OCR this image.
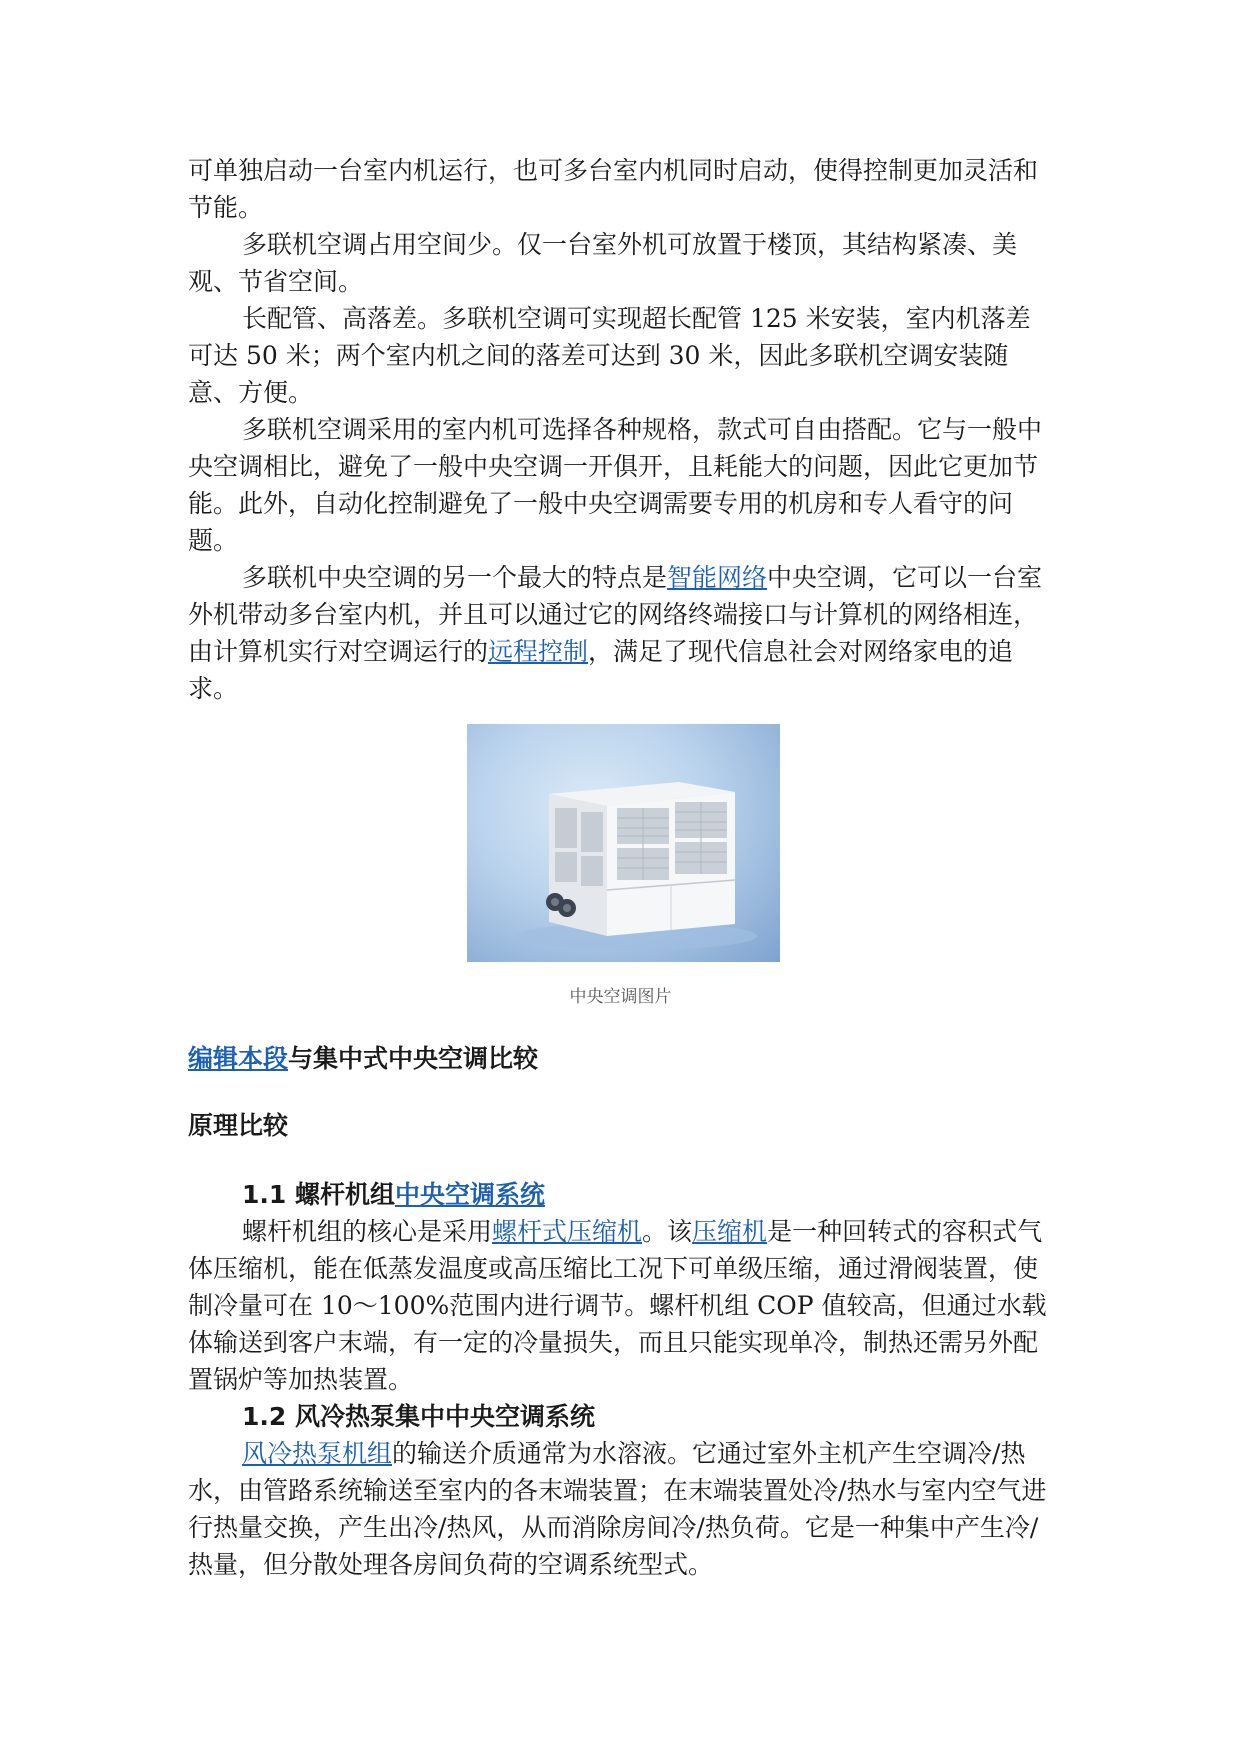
可单独启动一台室内机运行，也可多台室内机同时启动，使得控制更加灵活和节能。

多联机空调占用空间少。仅一台室外机可放置于楼顶，其结构紧凑、美观、节省空间。

长配管、高落差。多联机空调可实现超长配管 125 米安装，室内机落差可达 50 米；两个室内机之间的落差可达到 30 米，因此多联机空调安装随意、方便。

多联机空调采用的室内机可选择各种规格，款式可自由搭配。它与一般中央空调相比，避免了一般中央空调一开俱开，且耗能大的问题，因此它更加节能。此外，自动化控制避免了一般中央空调需要专用的机房和专人看守的问题。

多联机中央空调的另一个最大的特点是智能网络中央空调，它可以一台室外机带动多台室内机，并且可以通过它的网络终端接口与计算机的网络相连，由计算机实行对空调运行的远程控制，满足了现代信息社会对网络家电的追求。

中央空调图片

编辑本段与集中式中央空调比较

原理比较

1.1 螺杆机组中央空调系统

螺杆机组的核心是采用螺杆式压缩机。该压缩机是一种回转式的容积式气体压缩机，能在低蒸发温度或高压缩比工况下可单级压缩，通过滑阀装置，使制冷量可在 10～100%范围内进行调节。螺杆机组 COP 值较高，但通过水载体输送到客户末端，有一定的冷量损失，而且只能实现单冷，制热还需另外配置锅炉等加热装置。

1.2 风冷热泵集中中央空调系统

风冷热泵机组的输送介质通常为水溶液。它通过室外主机产生空调冷/热水，由管路系统输送至室内的各末端装置；在末端装置处冷/热水与室内空气进行热量交换，产生出冷/热风，从而消除房间冷/热负荷。它是一种集中产生冷/热量，但分散处理各房间负荷的空调系统型式。
